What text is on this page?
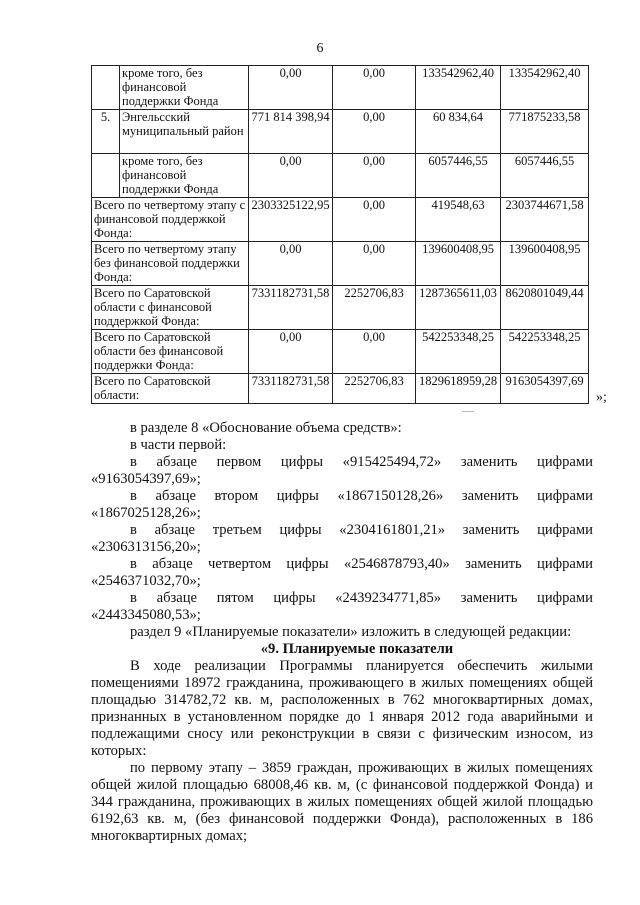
6
	кроме того, без финансовой поддержки Фонда	0,00	0,00	133542962,40	133542962,40
5.	Энгельсский муниципальный район	771 814 398,94	0,00	60 834,64	771875233,58
	кроме того, без финансовой поддержки Фонда	0,00	0,00	6057446,55	6057446,55
Всего по четвертому этапу с финансовой поддержкой Фонда:		2303325122,95	0,00	419548,63	2303744671,58
Всего по четвертому этапу без финансовой поддержки Фонда:		0,00	0,00	139600408,95	139600408,95
Всего по Саратовской области с финансовой поддержкой Фонда:		7331182731,58	2252706,83	1287365611,03	8620801049,44
Всего по Саратовской области без финансовой поддержки Фонда:		0,00	0,00	542253348,25	542253348,25
Всего по Саратовской области:		7331182731,58	2252706,83	1829618959,28	9163054397,69
»;

в разделе 8 «Обоснование объема средств»:

в части первой:

в абзаце первом цифры «915425494,72» заменить цифрами

«9163054397,69»;

в абзаце втором цифры «1867150128,26» заменить цифрами

«1867025128,26»;

в абзаце третьем цифры «2304161801,21» заменить цифрами

«2306313156,20»;

в абзаце четвертом цифры «2546878793,40» заменить цифрами

«2546371032,70»;

в абзаце пятом цифры «2439234771,85» заменить цифрами

«2443345080,53»;

раздел 9 «Планируемые показатели» изложить в следующей редакции:

«9. Планируемые показатели

В ходе реализации Программы планируется обеспечить жилыми помещениями 18972 гражданина, проживающего в жилых помещениях общей площадью 314782,72 кв. м, расположенных в 762 многоквартирных домах, признанных в установленном порядке до 1 января 2012 года аварийными и подлежащими сносу или реконструкции в связи с физическим износом, из которых:

по первому этапу – 3859 граждан, проживающих в жилых помещениях общей жилой площадью 68008,46 кв. м, (с финансовой поддержкой Фонда) и 344 гражданина, проживающих в жилых помещениях общей жилой площадью 6192,63 кв. м, (без финансовой поддержки Фонда), расположенных в 186 многоквартирных домах;
